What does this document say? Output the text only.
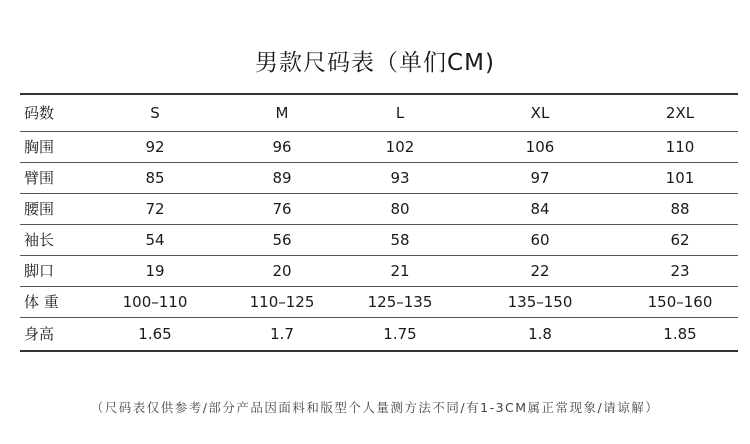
男款尺码表（单们CM)
码数	S	M	L	XL	2XL
胸围	92	96	102	106	110
臂围	85	89	93	97	101
腰围	72	76	80	84	88
袖长	54	56	58	60	62
脚口	19	20	21	22	23
体 重	100–110	110–125	125–135	135–150	150–160
身高	1.65	1.7	1.75	1.8	1.85
（尺码表仅供参考/部分产品因面料和版型个人量测方法不同/有1-3CM属正常现象/请谅解）
